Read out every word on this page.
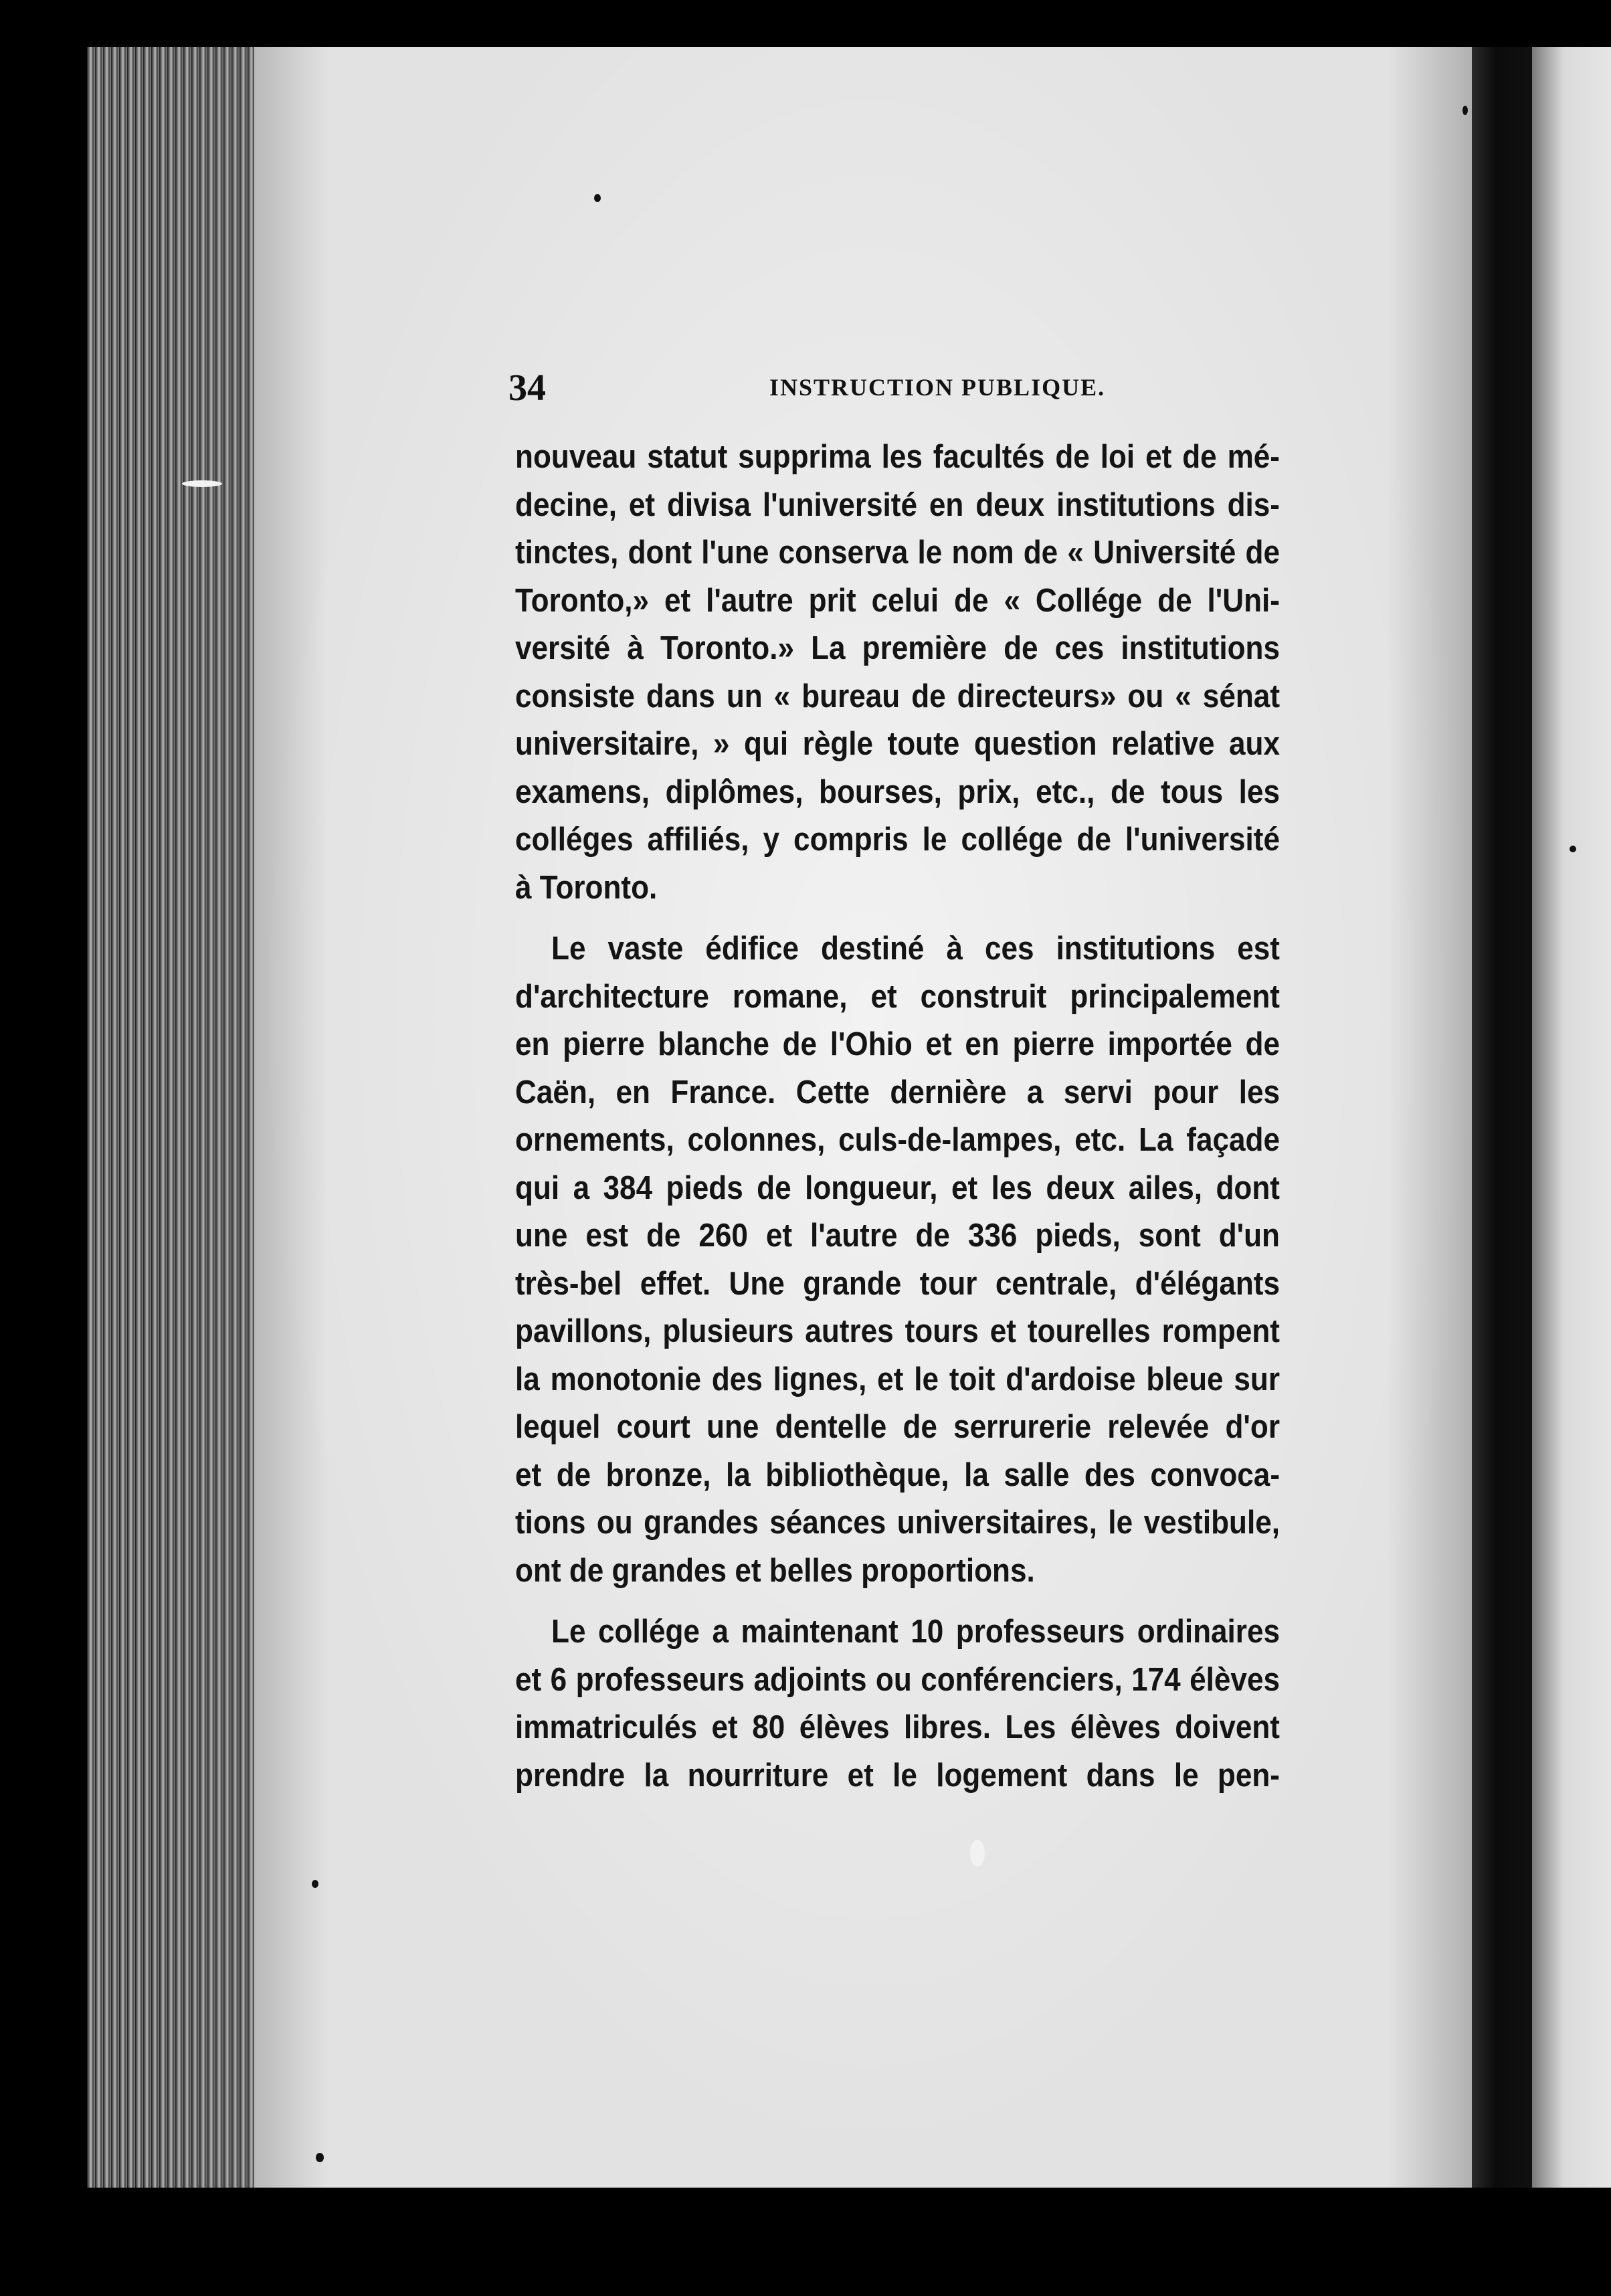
34	INSTRUCTION PUBLIQUE.

nouveau statut supprima les facultés de loi et de mé-
decine, et divisa l'université en deux institutions dis-
tinctes, dont l'une conserva le nom de « Université de
Toronto,» et l'autre prit celui de « Collége de l'Uni-
versité à Toronto.» La première de ces institutions
consiste dans un « bureau de directeurs» ou « sénat
universitaire, » qui règle toute question relative aux
examens, diplômes, bourses, prix, etc., de tous les
colléges affiliés, y compris le collége de l'université
à Toronto.

Le vaste édifice destiné à ces institutions est
d'architecture romane, et construit principalement
en pierre blanche de l'Ohio et en pierre importée de
Caën, en France. Cette dernière a servi pour les
ornements, colonnes, culs-de-lampes, etc. La façade
qui a 384 pieds de longueur, et les deux ailes, dont
une est de 260 et l'autre de 336 pieds, sont d'un
très-bel effet. Une grande tour centrale, d'élégants
pavillons, plusieurs autres tours et tourelles rompent
la monotonie des lignes, et le toit d'ardoise bleue sur
lequel court une dentelle de serrurerie relevée d'or
et de bronze, la bibliothèque, la salle des convoca-
tions ou grandes séances universitaires, le vestibule,
ont de grandes et belles proportions.

Le collége a maintenant 10 professeurs ordinaires
et 6 professeurs adjoints ou conférenciers, 174 élèves
immatriculés et 80 élèves libres. Les élèves doivent
prendre la nourriture et le logement dans le pen-
